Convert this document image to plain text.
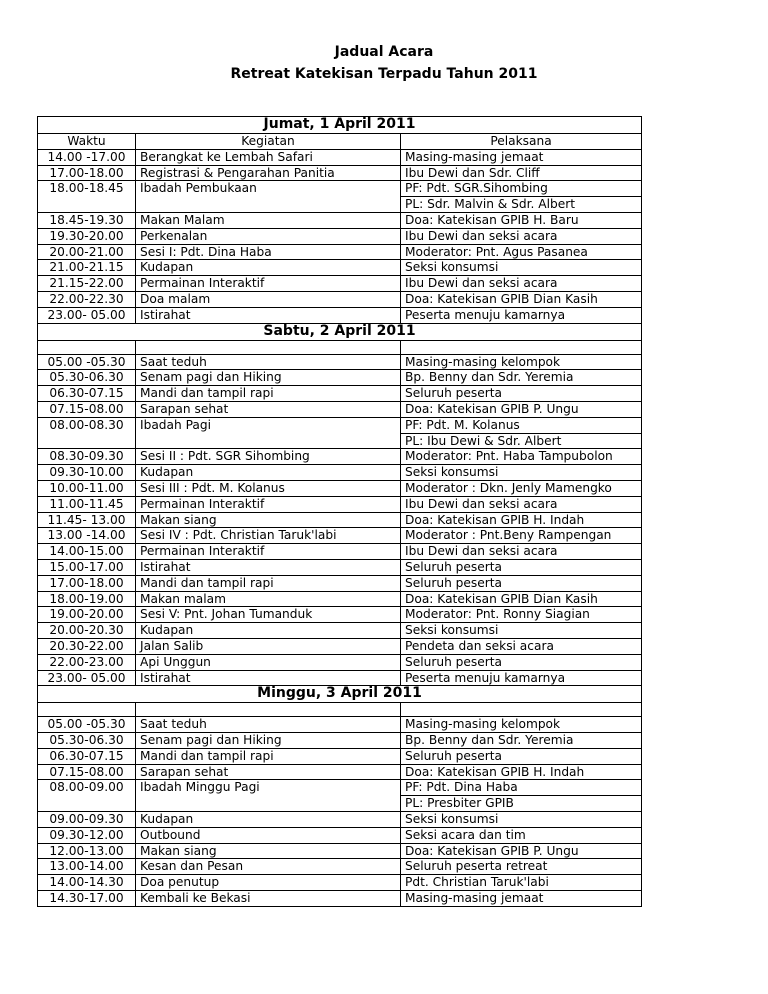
Jadual Acara
Retreat Katekisan Terpadu Tahun 2011
Jumat, 1 April 2011		
Waktu	Kegiatan	Pelaksana
14.00 -17.00	Berangkat ke Lembah Safari	Masing-masing jemaat
17.00-18.00	Registrasi & Pengarahan Panitia	Ibu Dewi dan Sdr. Cliff
18.00-18.45	Ibadah Pembukaan	PF: Pdt. SGR.Sihombing
		PL: Sdr. Malvin & Sdr. Albert
18.45-19.30	Makan Malam	Doa: Katekisan GPIB H. Baru
19.30-20.00	Perkenalan	Ibu Dewi dan seksi acara
20.00-21.00	Sesi I: Pdt. Dina Haba	Moderator: Pnt. Agus Pasanea
21.00-21.15	Kudapan	Seksi konsumsi
21.15-22.00	Permainan Interaktif	Ibu Dewi dan seksi acara
22.00-22.30	Doa malam	Doa: Katekisan GPIB Dian Kasih
23.00- 05.00	Istirahat	Peserta menuju kamarnya
Sabtu, 2 April 2011		

05.00 -05.30	Saat teduh	Masing-masing kelompok
05.30-06.30	Senam pagi dan Hiking	Bp. Benny dan Sdr. Yeremia
06.30-07.15	Mandi dan tampil rapi	Seluruh peserta
07.15-08.00	Sarapan sehat	Doa: Katekisan GPIB P. Ungu
08.00-08.30	Ibadah Pagi	PF: Pdt. M. Kolanus
		PL: Ibu Dewi & Sdr. Albert
08.30-09.30	Sesi II : Pdt. SGR Sihombing	Moderator: Pnt. Haba Tampubolon
09.30-10.00	Kudapan	Seksi konsumsi
10.00-11.00	Sesi III : Pdt. M. Kolanus	Moderator : Dkn. Jenly Mamengko
11.00-11.45	Permainan Interaktif	Ibu Dewi dan seksi acara
11.45- 13.00	Makan siang	Doa: Katekisan GPIB H. Indah
13.00 -14.00	Sesi IV : Pdt. Christian Taruk'labi	Moderator : Pnt.Beny Rampengan
14.00-15.00	Permainan Interaktif	Ibu Dewi dan seksi acara
15.00-17.00	Istirahat	Seluruh peserta
17.00-18.00	Mandi dan tampil rapi	Seluruh peserta
18.00-19.00	Makan malam	Doa: Katekisan GPIB Dian Kasih
19.00-20.00	Sesi V: Pnt. Johan Tumanduk	Moderator: Pnt. Ronny Siagian
20.00-20.30	Kudapan	Seksi konsumsi
20.30-22.00	Jalan Salib	Pendeta dan seksi acara
22.00-23.00	Api Unggun	Seluruh peserta
23.00- 05.00	Istirahat	Peserta menuju kamarnya
Minggu, 3 April 2011		

05.00 -05.30	Saat teduh	Masing-masing kelompok
05.30-06.30	Senam pagi dan Hiking	Bp. Benny dan Sdr. Yeremia
06.30-07.15	Mandi dan tampil rapi	Seluruh peserta
07.15-08.00	Sarapan sehat	Doa: Katekisan GPIB H. Indah
08.00-09.00	Ibadah Minggu Pagi	PF: Pdt. Dina Haba
		PL: Presbiter GPIB
09.00-09.30	Kudapan	Seksi konsumsi
09.30-12.00	Outbound	Seksi acara dan tim
12.00-13.00	Makan siang	Doa: Katekisan GPIB P. Ungu
13.00-14.00	Kesan dan Pesan	Seluruh peserta retreat
14.00-14.30	Doa penutup	Pdt. Christian Taruk'labi
14.30-17.00	Kembali ke Bekasi	Masing-masing jemaat
